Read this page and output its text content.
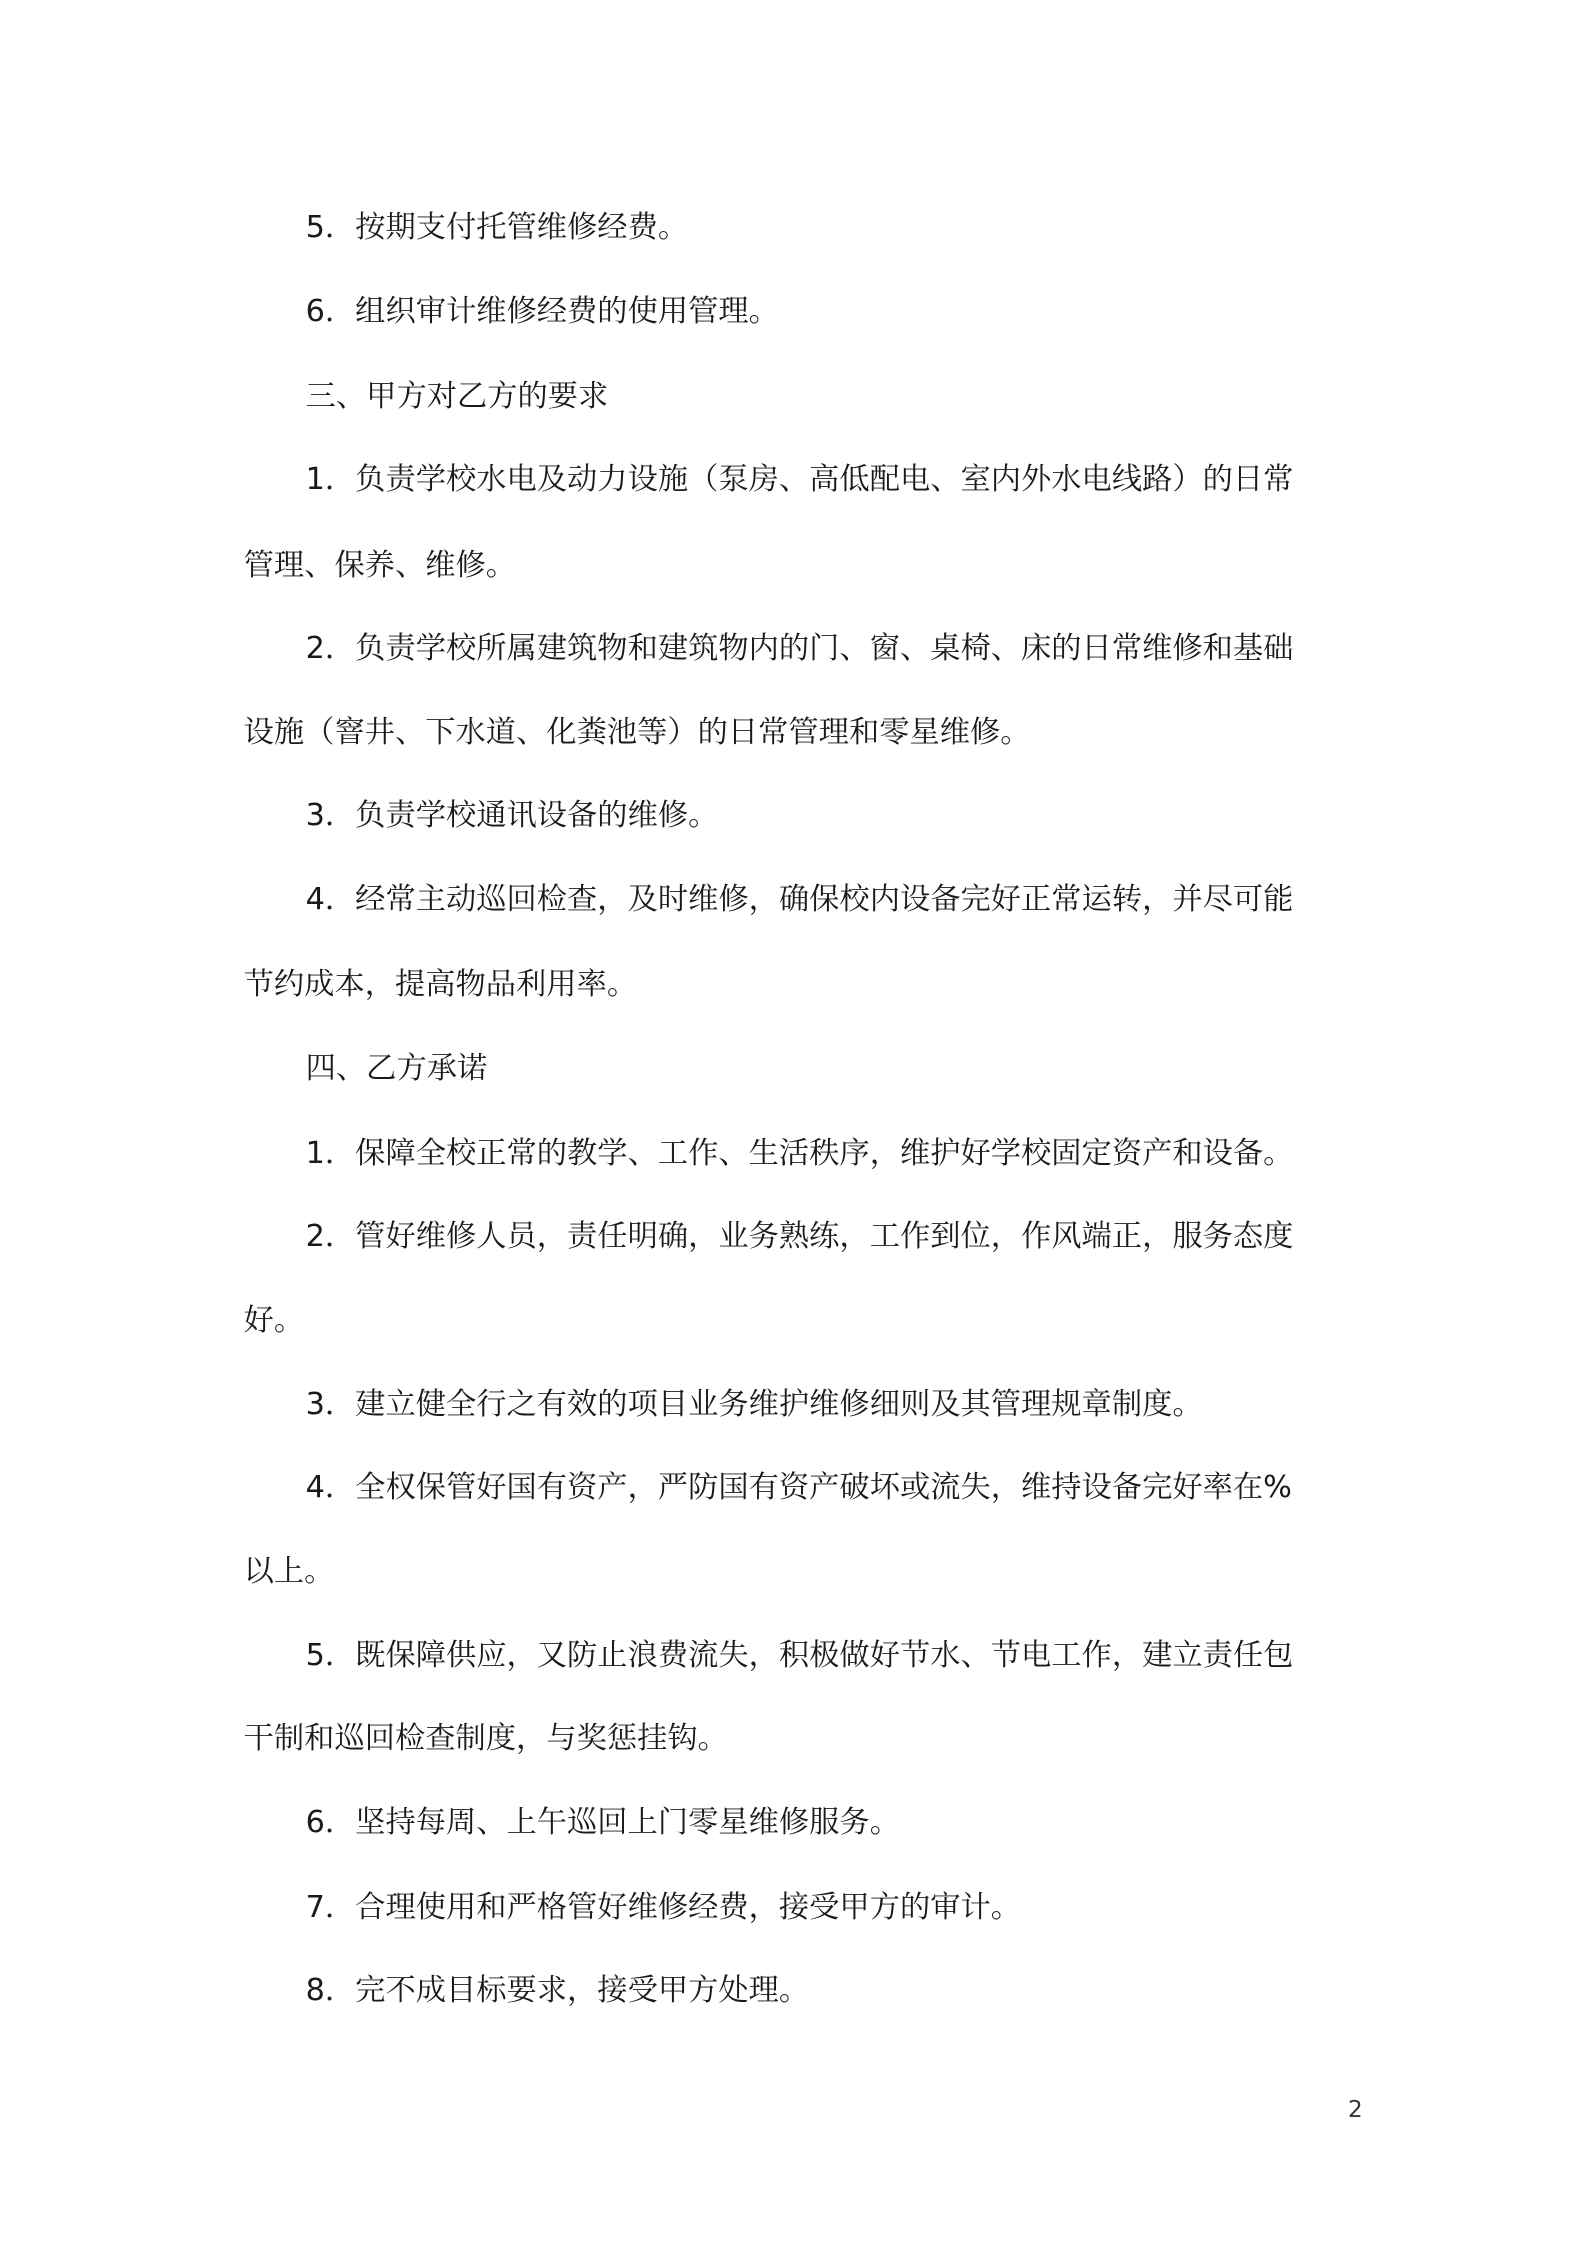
5．按期支付托管维修经费。

6．组织审计维修经费的使用管理。

三、甲方对乙方的要求

1．负责学校水电及动力设施（泵房、高低配电、室内外水电线路）的日常

管理、保养、维修。

2．负责学校所属建筑物和建筑物内的门、窗、桌椅、床的日常维修和基础

设施（窨井、下水道、化粪池等）的日常管理和零星维修。

3．负责学校通讯设备的维修。

4．经常主动巡回检查，及时维修，确保校内设备完好正常运转，并尽可能

节约成本，提高物品利用率。

四、乙方承诺

1．保障全校正常的教学、工作、生活秩序，维护好学校固定资产和设备。

2．管好维修人员，责任明确，业务熟练，工作到位，作风端正，服务态度

好。

3．建立健全行之有效的项目业务维护维修细则及其管理规章制度。

4．全权保管好国有资产，严防国有资产破坏或流失，维持设备完好率在%

以上。

5．既保障供应，又防止浪费流失，积极做好节水、节电工作，建立责任包

干制和巡回检查制度，与奖惩挂钩。

6．坚持每周、上午巡回上门零星维修服务。

7．合理使用和严格管好维修经费，接受甲方的审计。

8．完不成目标要求，接受甲方处理。

2
